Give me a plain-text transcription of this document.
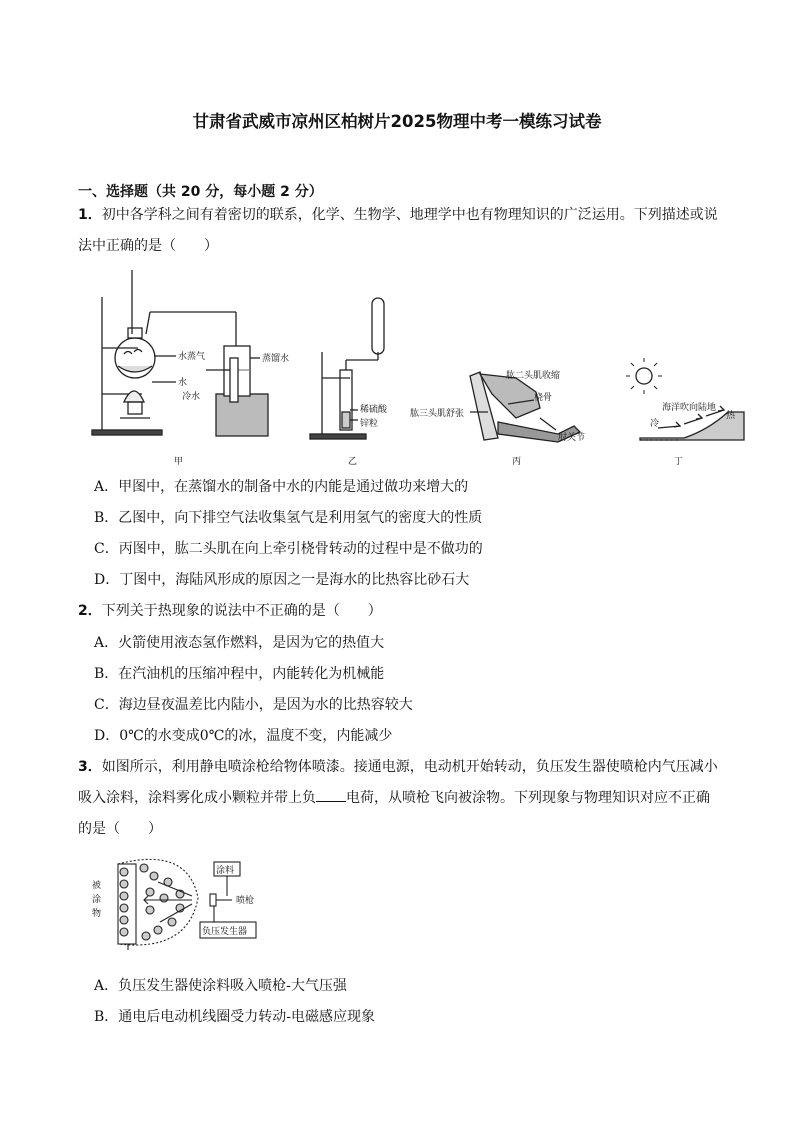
甘肃省武威市凉州区柏树片2025物理中考一模练习试卷
一、选择题（共 20 分，每小题 2 分）
1．初中各学科之间有着密切的联系，化学、生物学、地理学中也有物理知识的广泛运用。下列描述或说法中正确的是（　　）
水蒸气
水
冷水
蒸馏水
稀硫酸
锌粒
肱二头肌收缩
桡骨
肱三头肌舒张
肘关节
海洋吹向陆地
冷
热
甲	乙	丙	丁
A．甲图中，在蒸馏水的制备中水的内能是通过做功来增大的
B．乙图中，向下排空气法收集氢气是利用氢气的密度大的性质
C．丙图中，肱二头肌在向上牵引桡骨转动的过程中是不做功的
D．丁图中，海陆风形成的原因之一是海水的比热容比砂石大
2．下列关于热现象的说法中不正确的是（　　）
A．火箭使用液态氢作燃料，是因为它的热值大
B．在汽油机的压缩冲程中，内能转化为机械能
C．海边昼夜温差比内陆小，是因为水的比热容较大
D．0℃的水变成0℃的冰，温度不变，内能减少
3．如图所示，利用静电喷涂枪给物体喷漆。接通电源，电动机开始转动，负压发生器使喷枪内气压减小吸入涂料，涂料雾化成小颗粒并带上负 电荷，从喷枪飞向被涂物。下列现象与物理知识对应不正确的是（　　）
被
涂
物
涂料
喷枪
负压发生器
A．负压发生器使涂料吸入喷枪-大气压强
B．通电后电动机线圈受力转动-电磁感应现象
